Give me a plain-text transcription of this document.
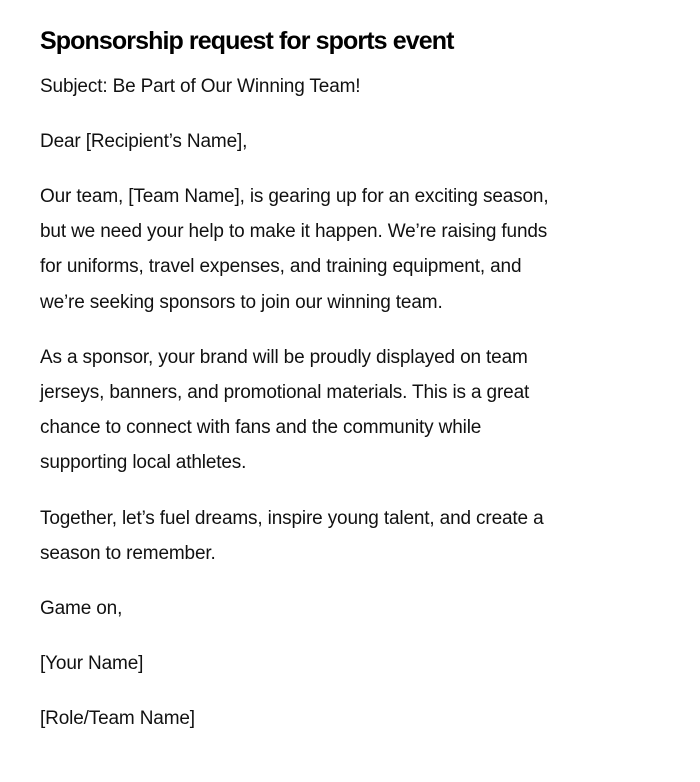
Sponsorship request for sports event

Subject: Be Part of Our Winning Team!

Dear [Recipient’s Name],

Our team, [Team Name], is gearing up for an exciting season,

but we need your help to make it happen. We’re raising funds

for uniforms, travel expenses, and training equipment, and

we’re seeking sponsors to join our winning team.

As a sponsor, your brand will be proudly displayed on team

jerseys, banners, and promotional materials. This is a great

chance to connect with fans and the community while

supporting local athletes.

Together, let’s fuel dreams, inspire young talent, and create a

season to remember.

Game on,

[Your Name]

[Role/Team Name]
